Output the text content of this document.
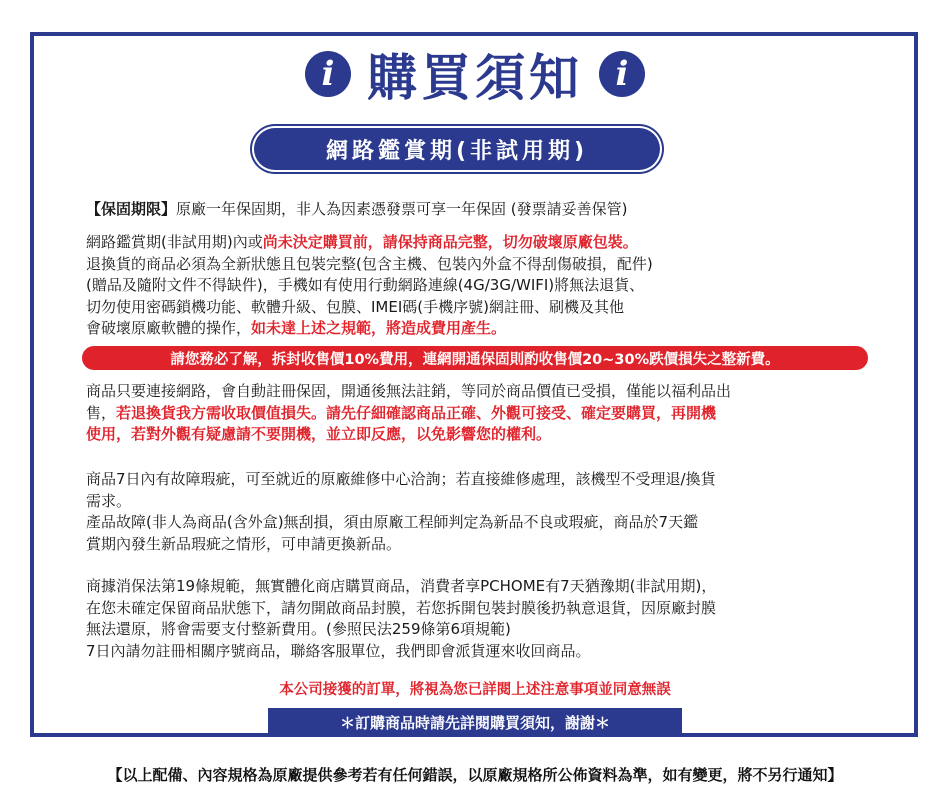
i 購買須知 i
網路鑑賞期(非試用期)
【保固期限】原廠一年保固期，非人為因素憑發票可享一年保固 (發票請妥善保管)
網路鑑賞期(非試用期)內或尚未決定購買前，請保持商品完整，切勿破壞原廠包裝。
退換貨的商品必須為全新狀態且包裝完整(包含主機、包裝內外盒不得刮傷破損，配件)
(贈品及隨附文件不得缺件)，手機如有使用行動網路連線(4G/3G/WIFI)將無法退貨、
切勿使用密碼鎖機功能、軟體升級、包膜、IMEI碼(手機序號)網註冊、刷機及其他
會破壞原廠軟體的操作，如未達上述之規範，將造成費用產生。
請您務必了解，拆封收售價10%費用，連網開通保固則酌收售價20~30%跌價損失之整新費。
商品只要連接網路，會自動註冊保固，開通後無法註銷，等同於商品價值已受損，僅能以福利品出
售，若退換貨我方需收取價值損失。請先仔細確認商品正確、外觀可接受、確定要購買，再開機
使用，若對外觀有疑慮請不要開機，並立即反應，以免影響您的權利。
商品7日內有故障瑕疵，可至就近的原廠維修中心洽詢；若直接維修處理，該機型不受理退/換貨
需求。
產品故障(非人為商品(含外盒)無刮損，須由原廠工程師判定為新品不良或瑕疵，商品於7天鑑
賞期內發生新品瑕疵之情形，可申請更換新品。
商據消保法第19條規範，無實體化商店購買商品，消費者享PCHOME有7天猶豫期(非試用期)，
在您未確定保留商品狀態下，請勿開啟商品封膜，若您拆開包裝封膜後扔執意退貨，因原廠封膜
無法還原，將會需要支付整新費用。(參照民法259條第6項規範)
7日內請勿註冊相關序號商品，聯絡客服單位，我們即會派貨運來收回商品。
本公司接獲的訂單，將視為您已詳閱上述注意事項並同意無誤
＊訂購商品時請先詳閱購買須知，謝謝＊
【以上配備、內容規格為原廠提供參考若有任何錯誤，以原廠規格所公佈資料為準，如有變更，將不另行通知】
